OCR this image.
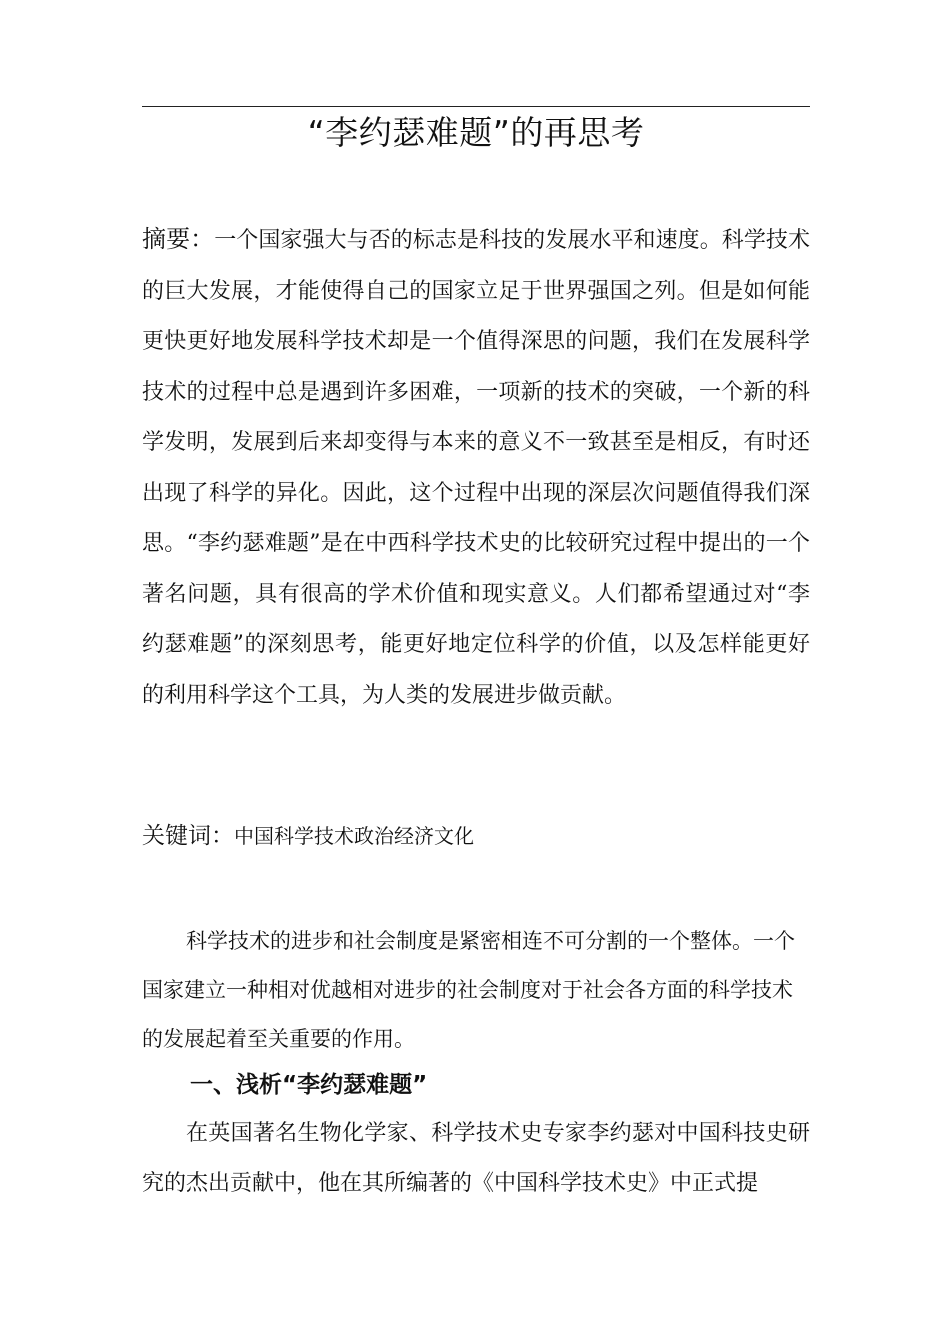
“李约瑟难题”的再思考

摘要：一个国家强大与否的标志是科技的发展水平和速度。科学技术的巨大发展，才能使得自己的国家立足于世界强国之列。但是如何能更快更好地发展科学技术却是一个值得深思的问题，我们在发展科学技术的过程中总是遇到许多困难，一项新的技术的突破，一个新的科学发明，发展到后来却变得与本来的意义不一致甚至是相反，有时还出现了科学的异化。因此，这个过程中出现的深层次问题值得我们深思。“李约瑟难题”是在中西科学技术史的比较研究过程中提出的一个著名问题，具有很高的学术价值和现实意义。人们都希望通过对“李约瑟难题”的深刻思考，能更好地定位科学的价值，以及怎样能更好的利用科学这个工具，为人类的发展进步做贡献。

关键词：中国科学技术政治经济文化

科学技术的进步和社会制度是紧密相连不可分割的一个整体。一个国家建立一种相对优越相对进步的社会制度对于社会各方面的科学技术的发展起着至关重要的作用。

一、浅析“李约瑟难题”

在英国著名生物化学家、科学技术史专家李约瑟对中国科技史研究的杰出贡献中，他在其所编著的《中国科学技术史》中正式提
